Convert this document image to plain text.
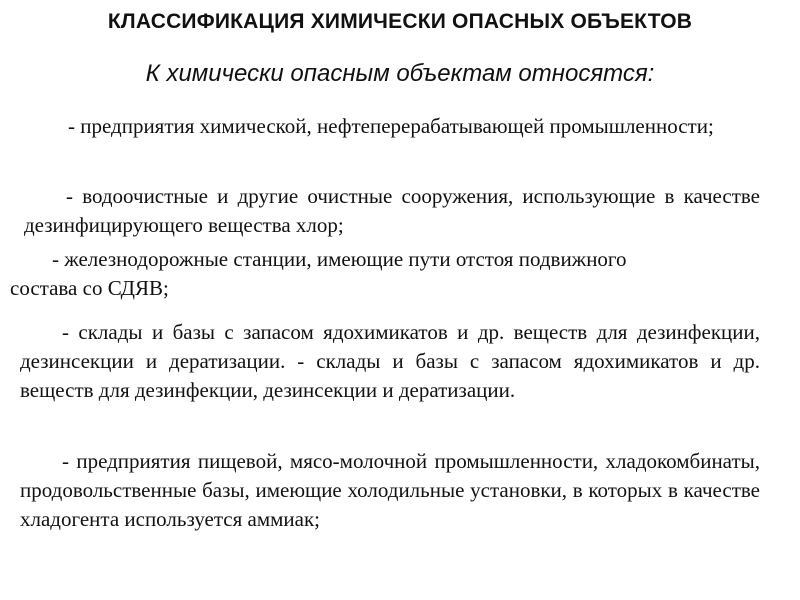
КЛАССИФИКАЦИЯ ХИМИЧЕСКИ ОПАСНЫХ ОБЪЕКТОВ

К химически опасным объектам относятся:

- предприятия химической, нефтеперерабатывающей промышленности;

- водоочистные и другие очистные сооружения, использующие в качестве дезинфицирующего вещества хлор;

- железнодорожные станции, имеющие пути отстоя подвижного состава со СДЯВ;

- склады и базы с запасом ядохимикатов и др. веществ для дезинфекции, дезинсекции и дератизации. - склады и базы с запасом ядохимикатов и др. веществ для дезинфекции, дезинсекции и дератизации.

- предприятия пищевой, мясо-молочной промышленности, хладокомбинаты, продовольственные базы, имеющие холодильные установки, в которых в качестве хладогента используется аммиак;
